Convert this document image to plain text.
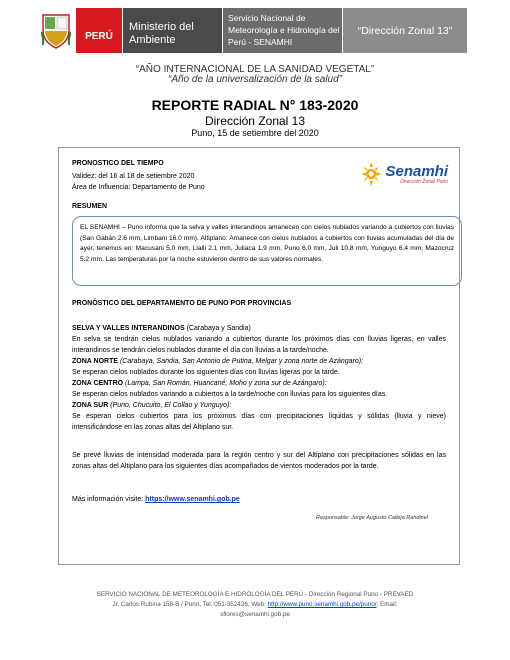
PERÚ
Ministerio del Ambiente
Servicio Nacional de Meteorología e Hidrología del Perú - SENAMHI
“Dirección Zonal 13”
“AÑO INTERNACIONAL DE LA SANIDAD VEGETAL”
“Año de la universalización de la salud”
REPORTE RADIAL N° 183-2020
Dirección Zonal 13
Puno, 15 de setiembre del 2020
Senamhi
Dirección Zonal Puno
PRONOSTICO DEL TIEMPO
Validez: del 16 al 18 de setiembre 2020
Área de Influencia: Departamento de Puno
RESUMEN
EL SENAMHI – Puno informa que la selva y valles interandinos amanecen con cielos nublados variando a cubiertos con lluvias (San Gabán 2.6 mm, Limbani 16.0 mm). Altiplano: Amanece con cielos nublados a cubiertos con lluvias acumuladas del día de ayer, tenemos en: Macusani 5.0 mm, Llalli 2.1 mm, Juliaca 1.9 mm, Puno 6.0 mm, Juli 10.8 mm, Yunguyo 6.4 mm, Mazocruz 5.2 mm. Las temperaturas por la noche estuvieron dentro de sus valores normales.
PRONÓSTICO DEL DEPARTAMENTO DE PUNO POR PROVINCIAS
SELVA Y VALLES INTERANDINOS (Carabaya y Sandia)
En selva se tendrán cielos nublados variando a cubiertos durante los próximos días con lluvias ligeras, en valles interandinos se tendrán cielos nublados durante el día con lluvias a la tarde/noche.
ZONA NORTE (Carabaya, Sandia, San Antonio de Putina, Melgar y zona norte de Azángaro):
Se esperan cielos nublados durante los siguientes días con lluvias ligeras por la tarde.
ZONA CENTRO (Lampa, San Román, Huancané, Moho y zona sur de Azángaro):
Se esperan cielos nublados variando a cubiertos a la tarde/noche con lluvias para los siguientes días.
ZONA SUR (Puno, Chucuito, El Collao y Yunguyo):
Se esperan cielos cubiertos para los próximos días con precipitaciones líquidas y sólidas (lluvia y nieve) intensificándose en las zonas altas del Altiplano sur.
Se prevé lluvias de intensidad moderada para la región centro y sur del Altiplano con precipitaciones sólidas en las zonas altas del Altiplano para los siguientes días acompañados de vientos moderados por la tarde.
Más información visite: https://www.senamhi.gob.pe
Responsable: Jorge Augusto Calleja Randinel
SERVICIO NACIONAL DE METEOROLOGÍA E HIDROLOGÍA DEL PERÚ - Dirección Regional Puno - PREVAED
Jr. Carlos Rubina 158-B / Puno, Tel.:051-352426, Web: http://www.puno.senamhi.gob.pe/puno/; Email:
sflores@senamhi.gob.pe
